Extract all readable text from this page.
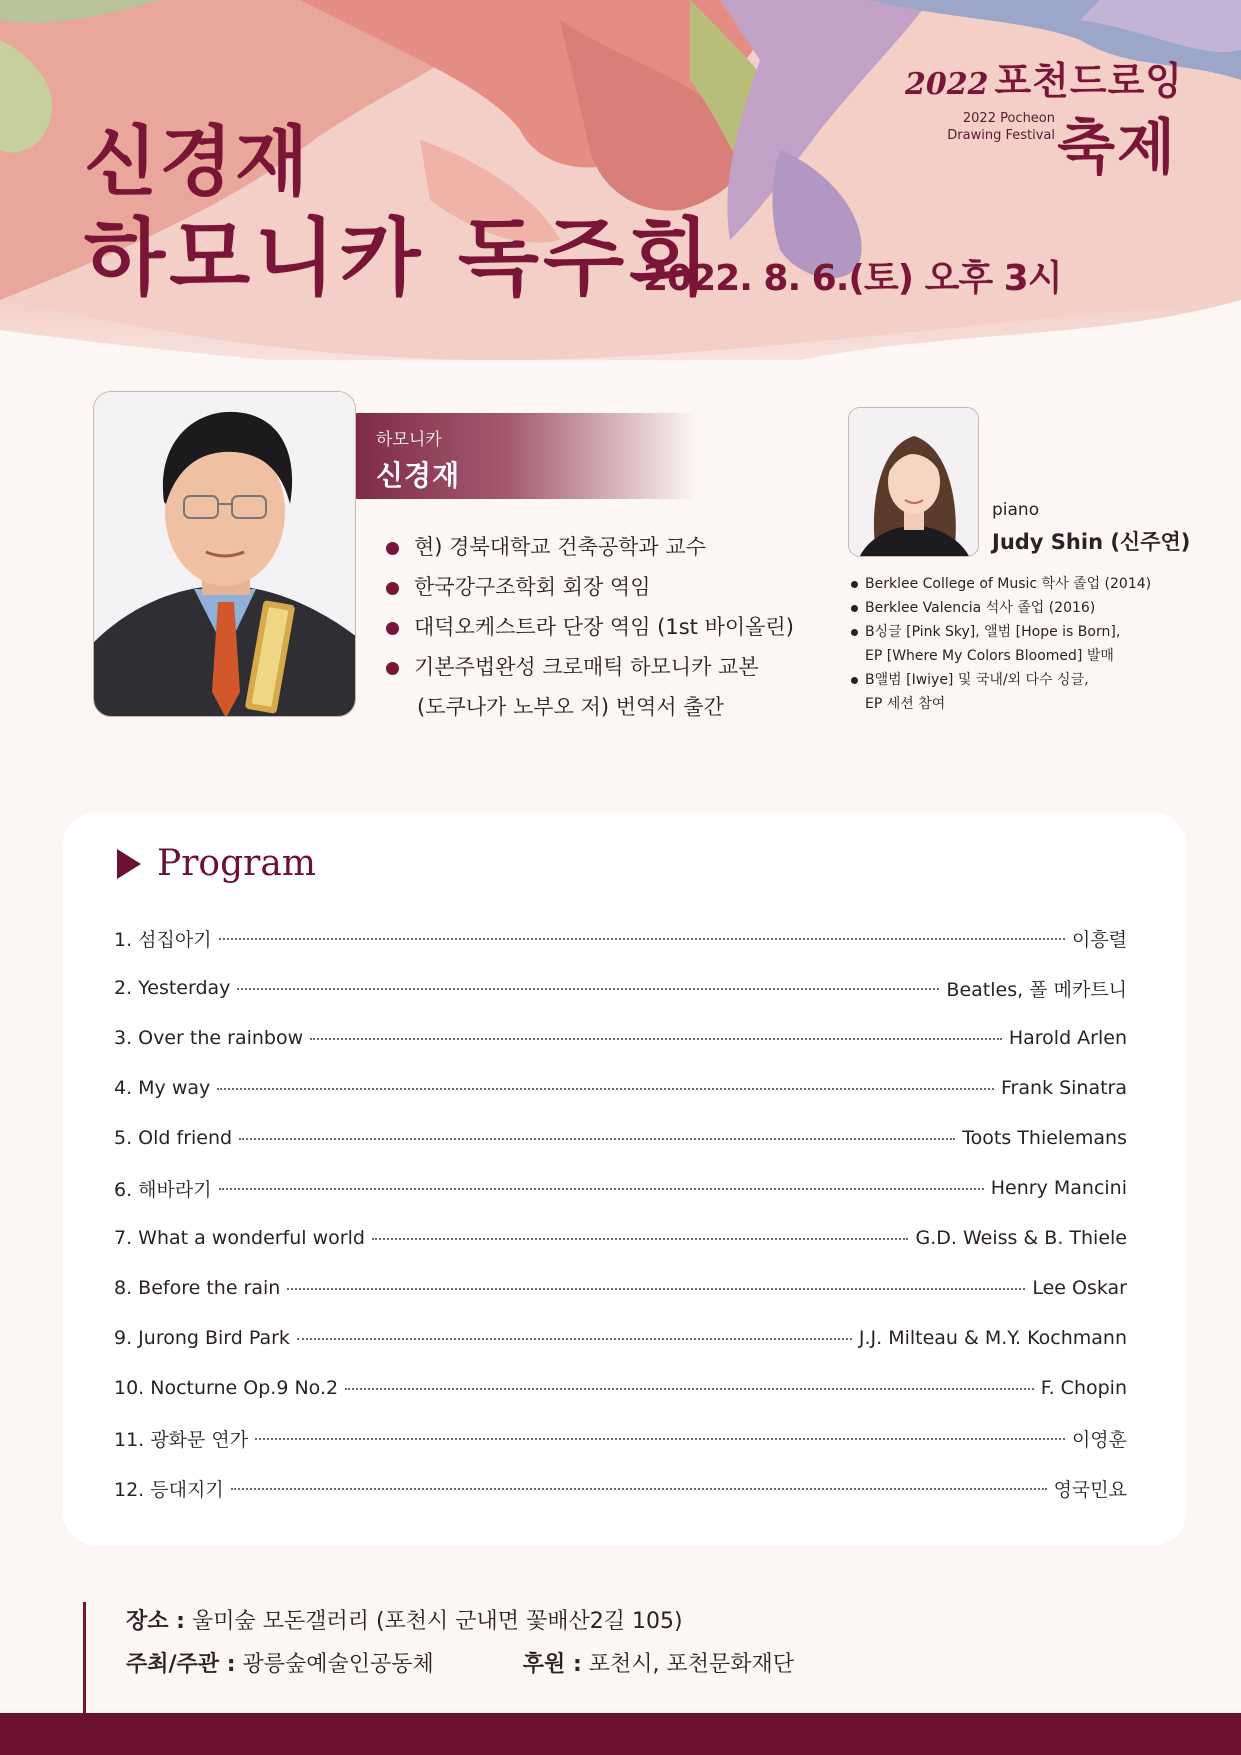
2022 포천드로잉
2022 Pocheon
Drawing Festival 축제
신경재
하모니카 독주회
2022. 8. 6.(토) 오후 3시
하모니카
신경재
현) 경북대학교 건축공학과 교수
한국강구조학회 회장 역임
대덕오케스트라 단장 역임 (1st 바이올린)
기본주법완성 크로매틱 하모니카 교본
(도쿠나가 노부오 저) 번역서 출간
piano
Judy Shin (신주연)
Berklee College of Music 학사 졸업 (2014)
Berklee Valencia 석사 졸업 (2016)
B싱글 [Pink Sky], 앨범 [Hope is Born],
EP [Where My Colors Bloomed] 발매
B앨범 [Iwiye] 및 국내/외 다수 싱글,
EP 세션 참여
Program
1. 섬집아기	이흥렬
2. Yesterday	Beatles, 폴 메카트니
3. Over the rainbow	Harold Arlen
4. My way	Frank Sinatra
5. Old friend	Toots Thielemans
6. 해바라기	Henry Mancini
7. What a wonderful world	G.D. Weiss & B. Thiele
8. Before the rain	Lee Oskar
9. Jurong Bird Park	J.J. Milteau & M.Y. Kochmann
10. Nocturne Op.9 No.2	F. Chopin
11. 광화문 연가	이영훈
12. 등대지기	영국민요
장소 : 울미숲 모돈갤러리 (포천시 군내면 꽃배산2길 105)
주최/주관 : 광릉숲예술인공동체	후원 : 포천시, 포천문화재단
